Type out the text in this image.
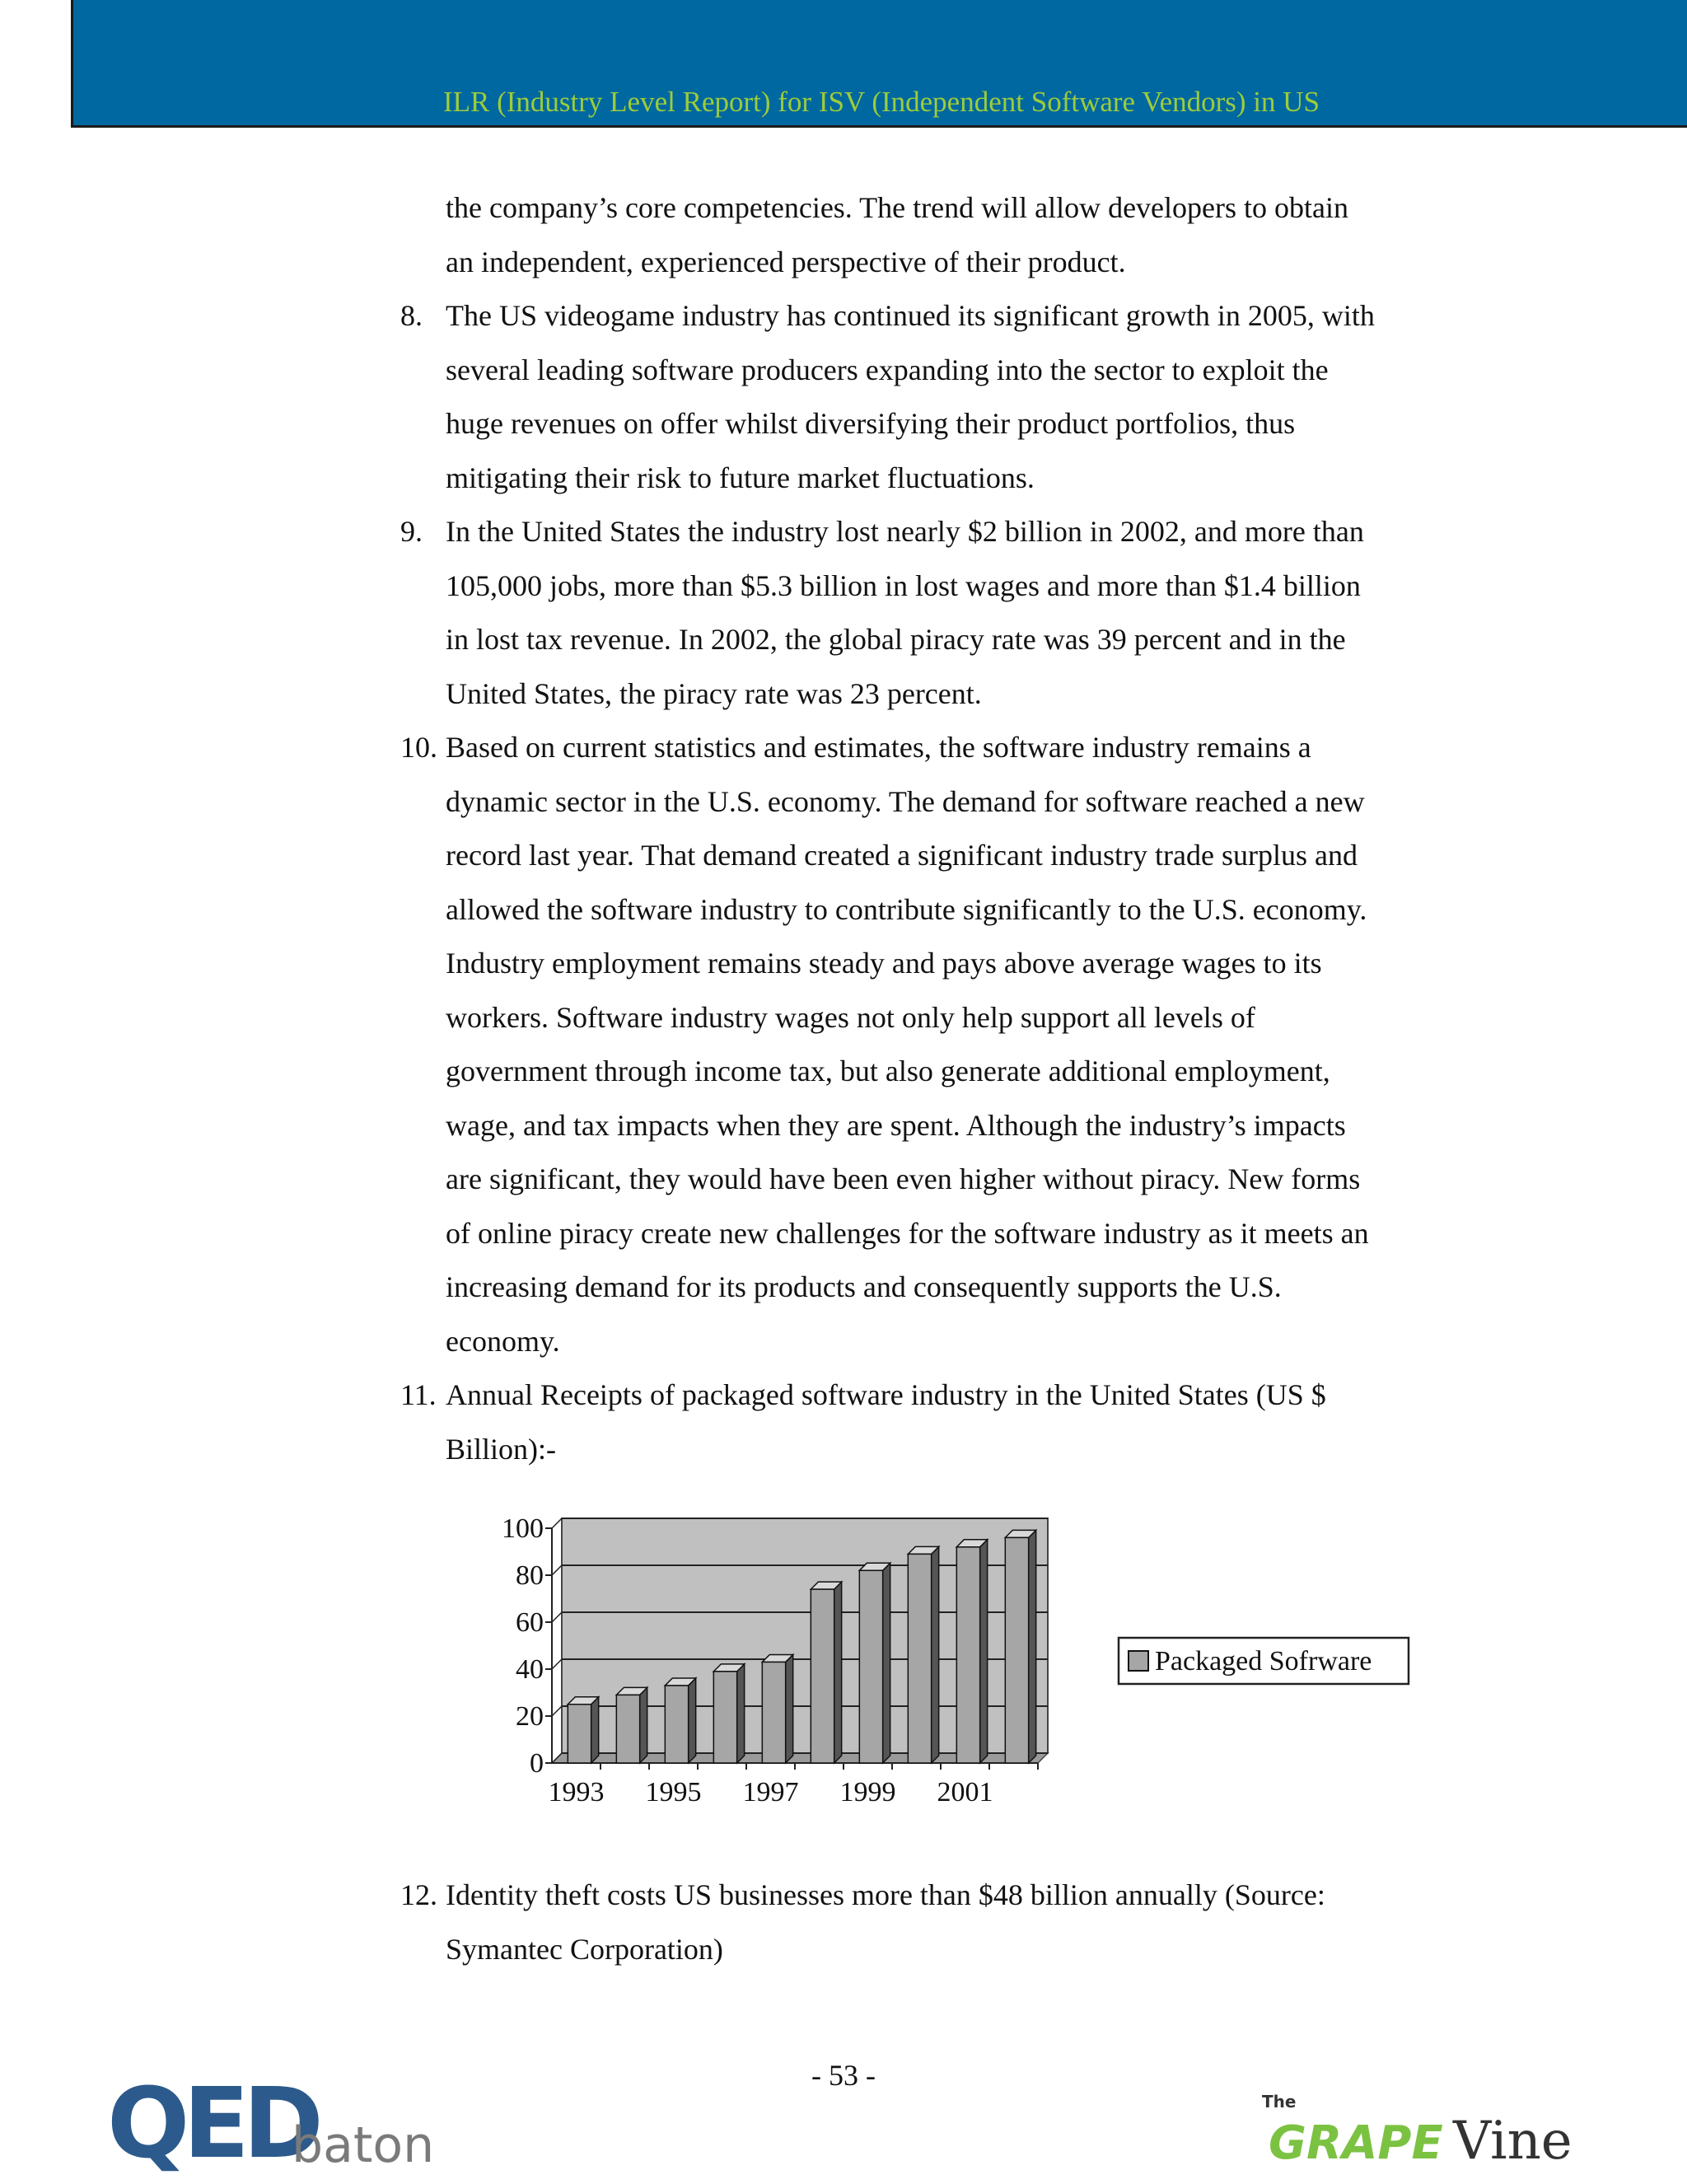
ILR (Industry Level Report) for ISV (Independent Software Vendors) in US
the company’s core competencies. The trend will allow developers to obtain
an independent, experienced perspective of their product.
8. The US videogame industry has continued its significant growth in 2005, with
several leading software producers expanding into the sector to exploit the
huge revenues on offer whilst diversifying their product portfolios, thus
mitigating their risk to future market fluctuations.
9. In the United States the industry lost nearly $2 billion in 2002, and more than
105,000 jobs, more than $5.3 billion in lost wages and more than $1.4 billion
in lost tax revenue. In 2002, the global piracy rate was 39 percent and in the
United States, the piracy rate was 23 percent.
10. Based on current statistics and estimates, the software industry remains a
dynamic sector in the U.S. economy. The demand for software reached a new
record last year. That demand created a significant industry trade surplus and
allowed the software industry to contribute significantly to the U.S. economy.
Industry employment remains steady and pays above average wages to its
workers. Software industry wages not only help support all levels of
government through income tax, but also generate additional employment,
wage, and tax impacts when they are spent. Although the industry’s impacts
are significant, they would have been even higher without piracy. New forms
of online piracy create new challenges for the software industry as it meets an
increasing demand for its products and consequently supports the U.S.
economy.
11. Annual Receipts of packaged software industry in the United States (US $
Billion):-
12. Identity theft costs US businesses more than $48 billion annually (Source:
Symantec Corporation)
0
20
40
60
80
100
1993 1995 1997 1999 2001
Packaged Sofrware
- 53 -
QED
baton
The
GRAPE Vine
